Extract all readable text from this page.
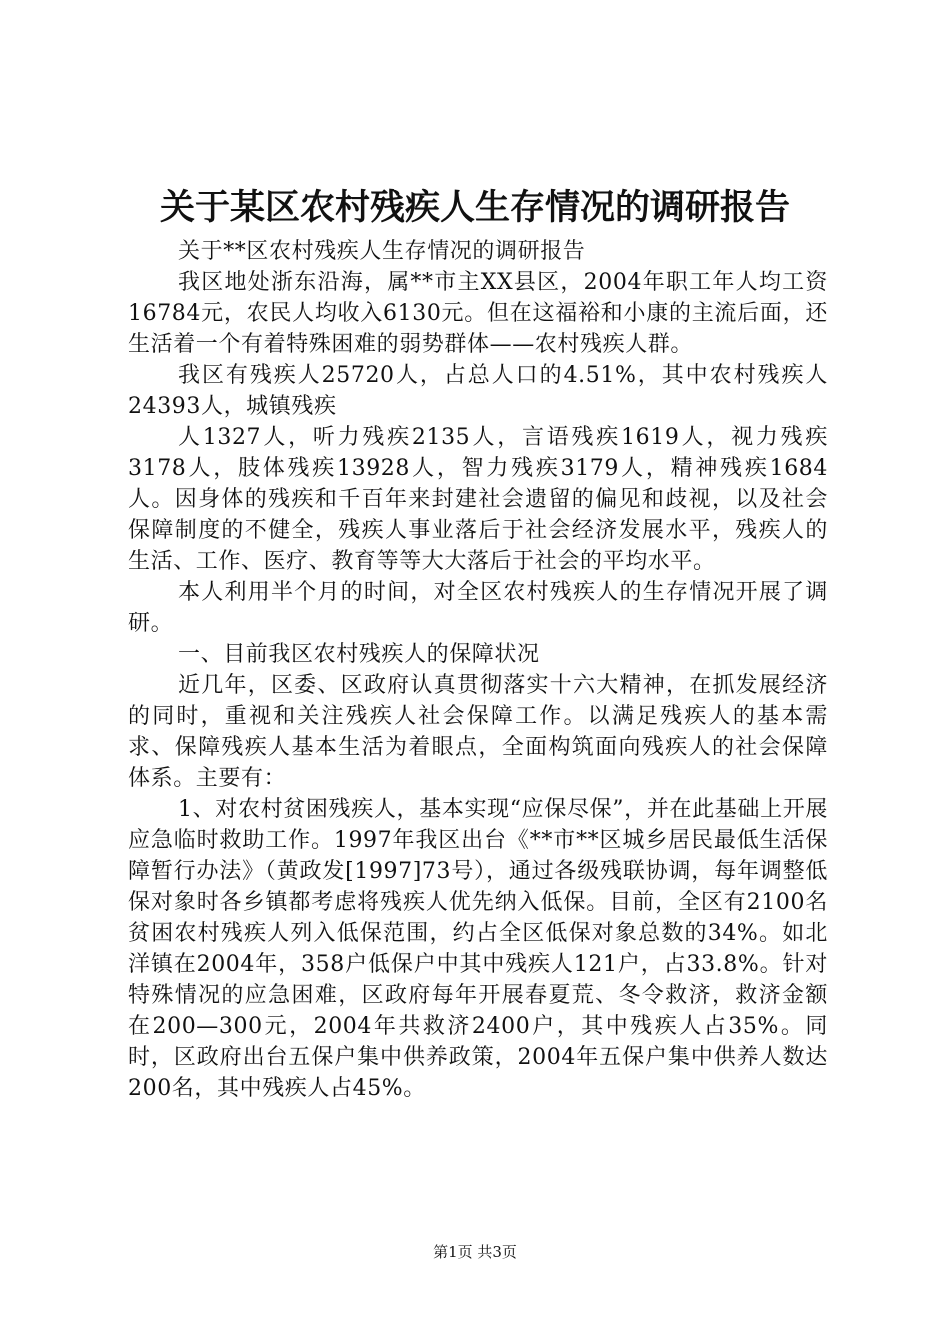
关于某区农村残疾人生存情况的调研报告

关于**区农村残疾人生存情况的调研报告

我区地处浙东沿海，属**市主XX县区，2004年职工年人均工资16784元，农民人均收入6130元。但在这福裕和小康的主流后面，还生活着一个有着特殊困难的弱势群体——农村残疾人群。

我区有残疾人25720人，占总人口的4.51%，其中农村残疾人24393人，城镇残疾

人1327人，听力残疾2135人，言语残疾1619人，视力残疾3178人，肢体残疾13928人，智力残疾3179人，精神残疾1684人。因身体的残疾和千百年来封建社会遗留的偏见和歧视，以及社会保障制度的不健全，残疾人事业落后于社会经济发展水平，残疾人的生活、工作、医疗、教育等等大大落后于社会的平均水平。

本人利用半个月的时间，对全区农村残疾人的生存情况开展了调研。

一、目前我区农村残疾人的保障状况

近几年，区委、区政府认真贯彻落实十六大精神，在抓发展经济的同时，重视和关注残疾人社会保障工作。以满足残疾人的基本需求、保障残疾人基本生活为着眼点，全面构筑面向残疾人的社会保障体系。主要有：

1、对农村贫困残疾人，基本实现“应保尽保”，并在此基础上开展应急临时救助工作。1997年我区出台《**市**区城乡居民最低生活保障暂行办法》（黄政发[1997]73号），通过各级残联协调，每年调整低保对象时各乡镇都考虑将残疾人优先纳入低保。目前，全区有2100名贫困农村残疾人列入低保范围，约占全区低保对象总数的34%。如北洋镇在2004年，358户低保户中其中残疾人121户，占33.8%。针对特殊情况的应急困难，区政府每年开展春夏荒、冬令救济，救济金额在200—300元，2004年共救济2400户，其中残疾人占35%。同时，区政府出台五保户集中供养政策，2004年五保户集中供养人数达200名，其中残疾人占45%。

第1页 共3页
